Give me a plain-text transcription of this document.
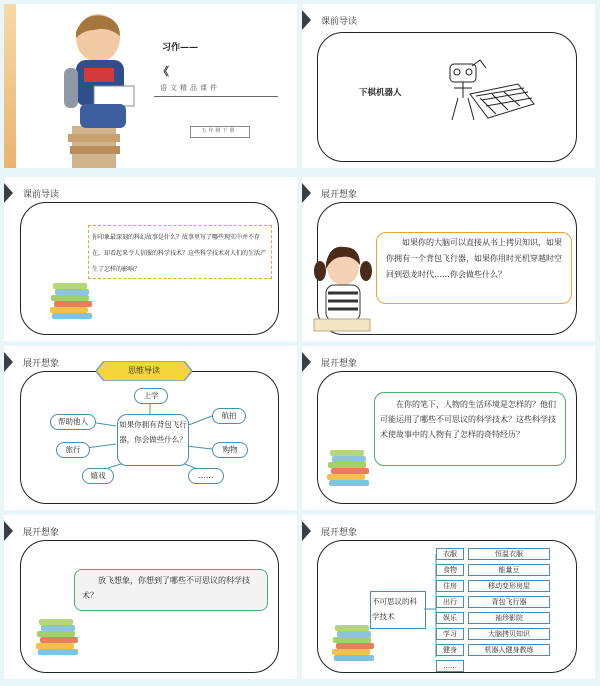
习作——
《
语文精品课件
五年级下册
课前导读
下棋机器人
课前导读
你印象最深刻的科幻故事是什么？故事里写了哪些现实中并不存在，却看起来令人信服的科学技术？这些科学技术对人们的生活产生了怎样的影响？
展开想象
如果你的大脑可以直接从书上拷贝知识，如果你拥有一个背包飞行器，如果你用时光机穿越时空回到恐龙时代……你会做些什么？
展开想象
思维导读
如果你拥有背包飞行器，你会做些什么？
上学
航拍
购物
……
嬉戏
旅行
帮助他人
展开想象
在你的笔下，人物的生活环境是怎样的？他们可能运用了哪些不可思议的科学技术？这些科学技术使故事中的人物有了怎样的奇特经历？
展开想象
放飞想象，你想到了哪些不可思议的科学技术？
展开想象
不可思议的科学技术
衣服
食物
住房
出行
娱乐
学习
健身
……
恒温衣服
能量豆
移动变形房屋
背包飞行器
袖珍影院
大脑拷贝知识
机器人健身教练
